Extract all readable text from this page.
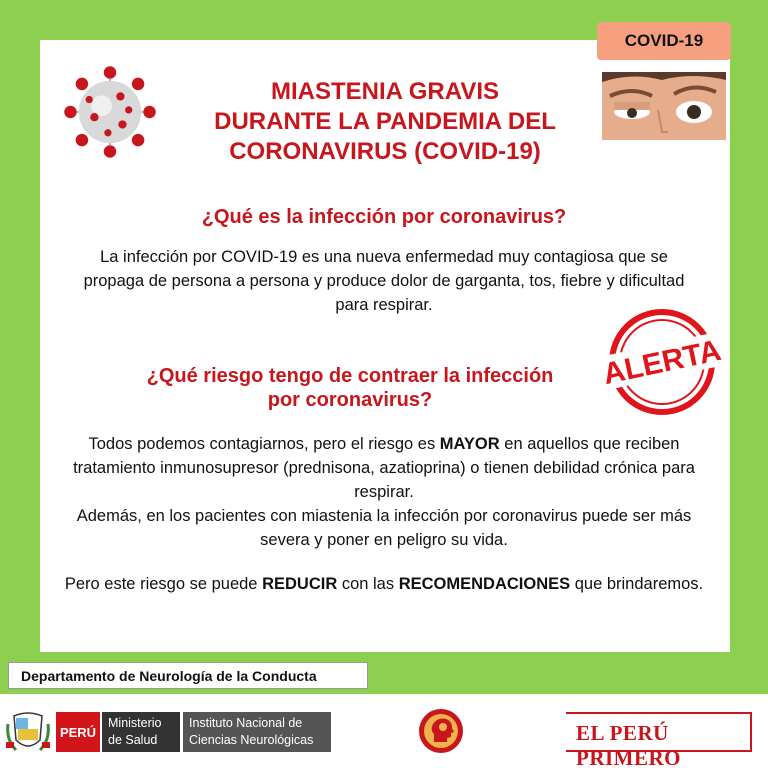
COVID-19
MIASTENIA GRAVIS
DURANTE LA PANDEMIA DEL
CORONAVIRUS (COVID-19)
¿Qué es la infección por coronavirus?
La infección por COVID-19 es una nueva enfermedad muy contagiosa que se propaga de persona a persona y produce dolor de garganta, tos, fiebre y dificultad para respirar.
¿Qué riesgo tengo de contraer la infección
por coronavirus?
ALERTA
Todos podemos contagiarnos, pero el riesgo es MAYOR en aquellos que reciben tratamiento inmunosupresor (prednisona, azatioprina) o tienen debilidad crónica para respirar.
Además, en los pacientes con miastenia la infección por coronavirus puede ser más severa y poner en peligro su vida.
Pero este riesgo se puede REDUCIR con las RECOMENDACIONES que brindaremos.
Departamento de Neurología de la Conducta
PERÚ
Ministerio
de Salud
Instituto Nacional de
Ciencias Neurológicas	EL PERÚ PRIMERO
